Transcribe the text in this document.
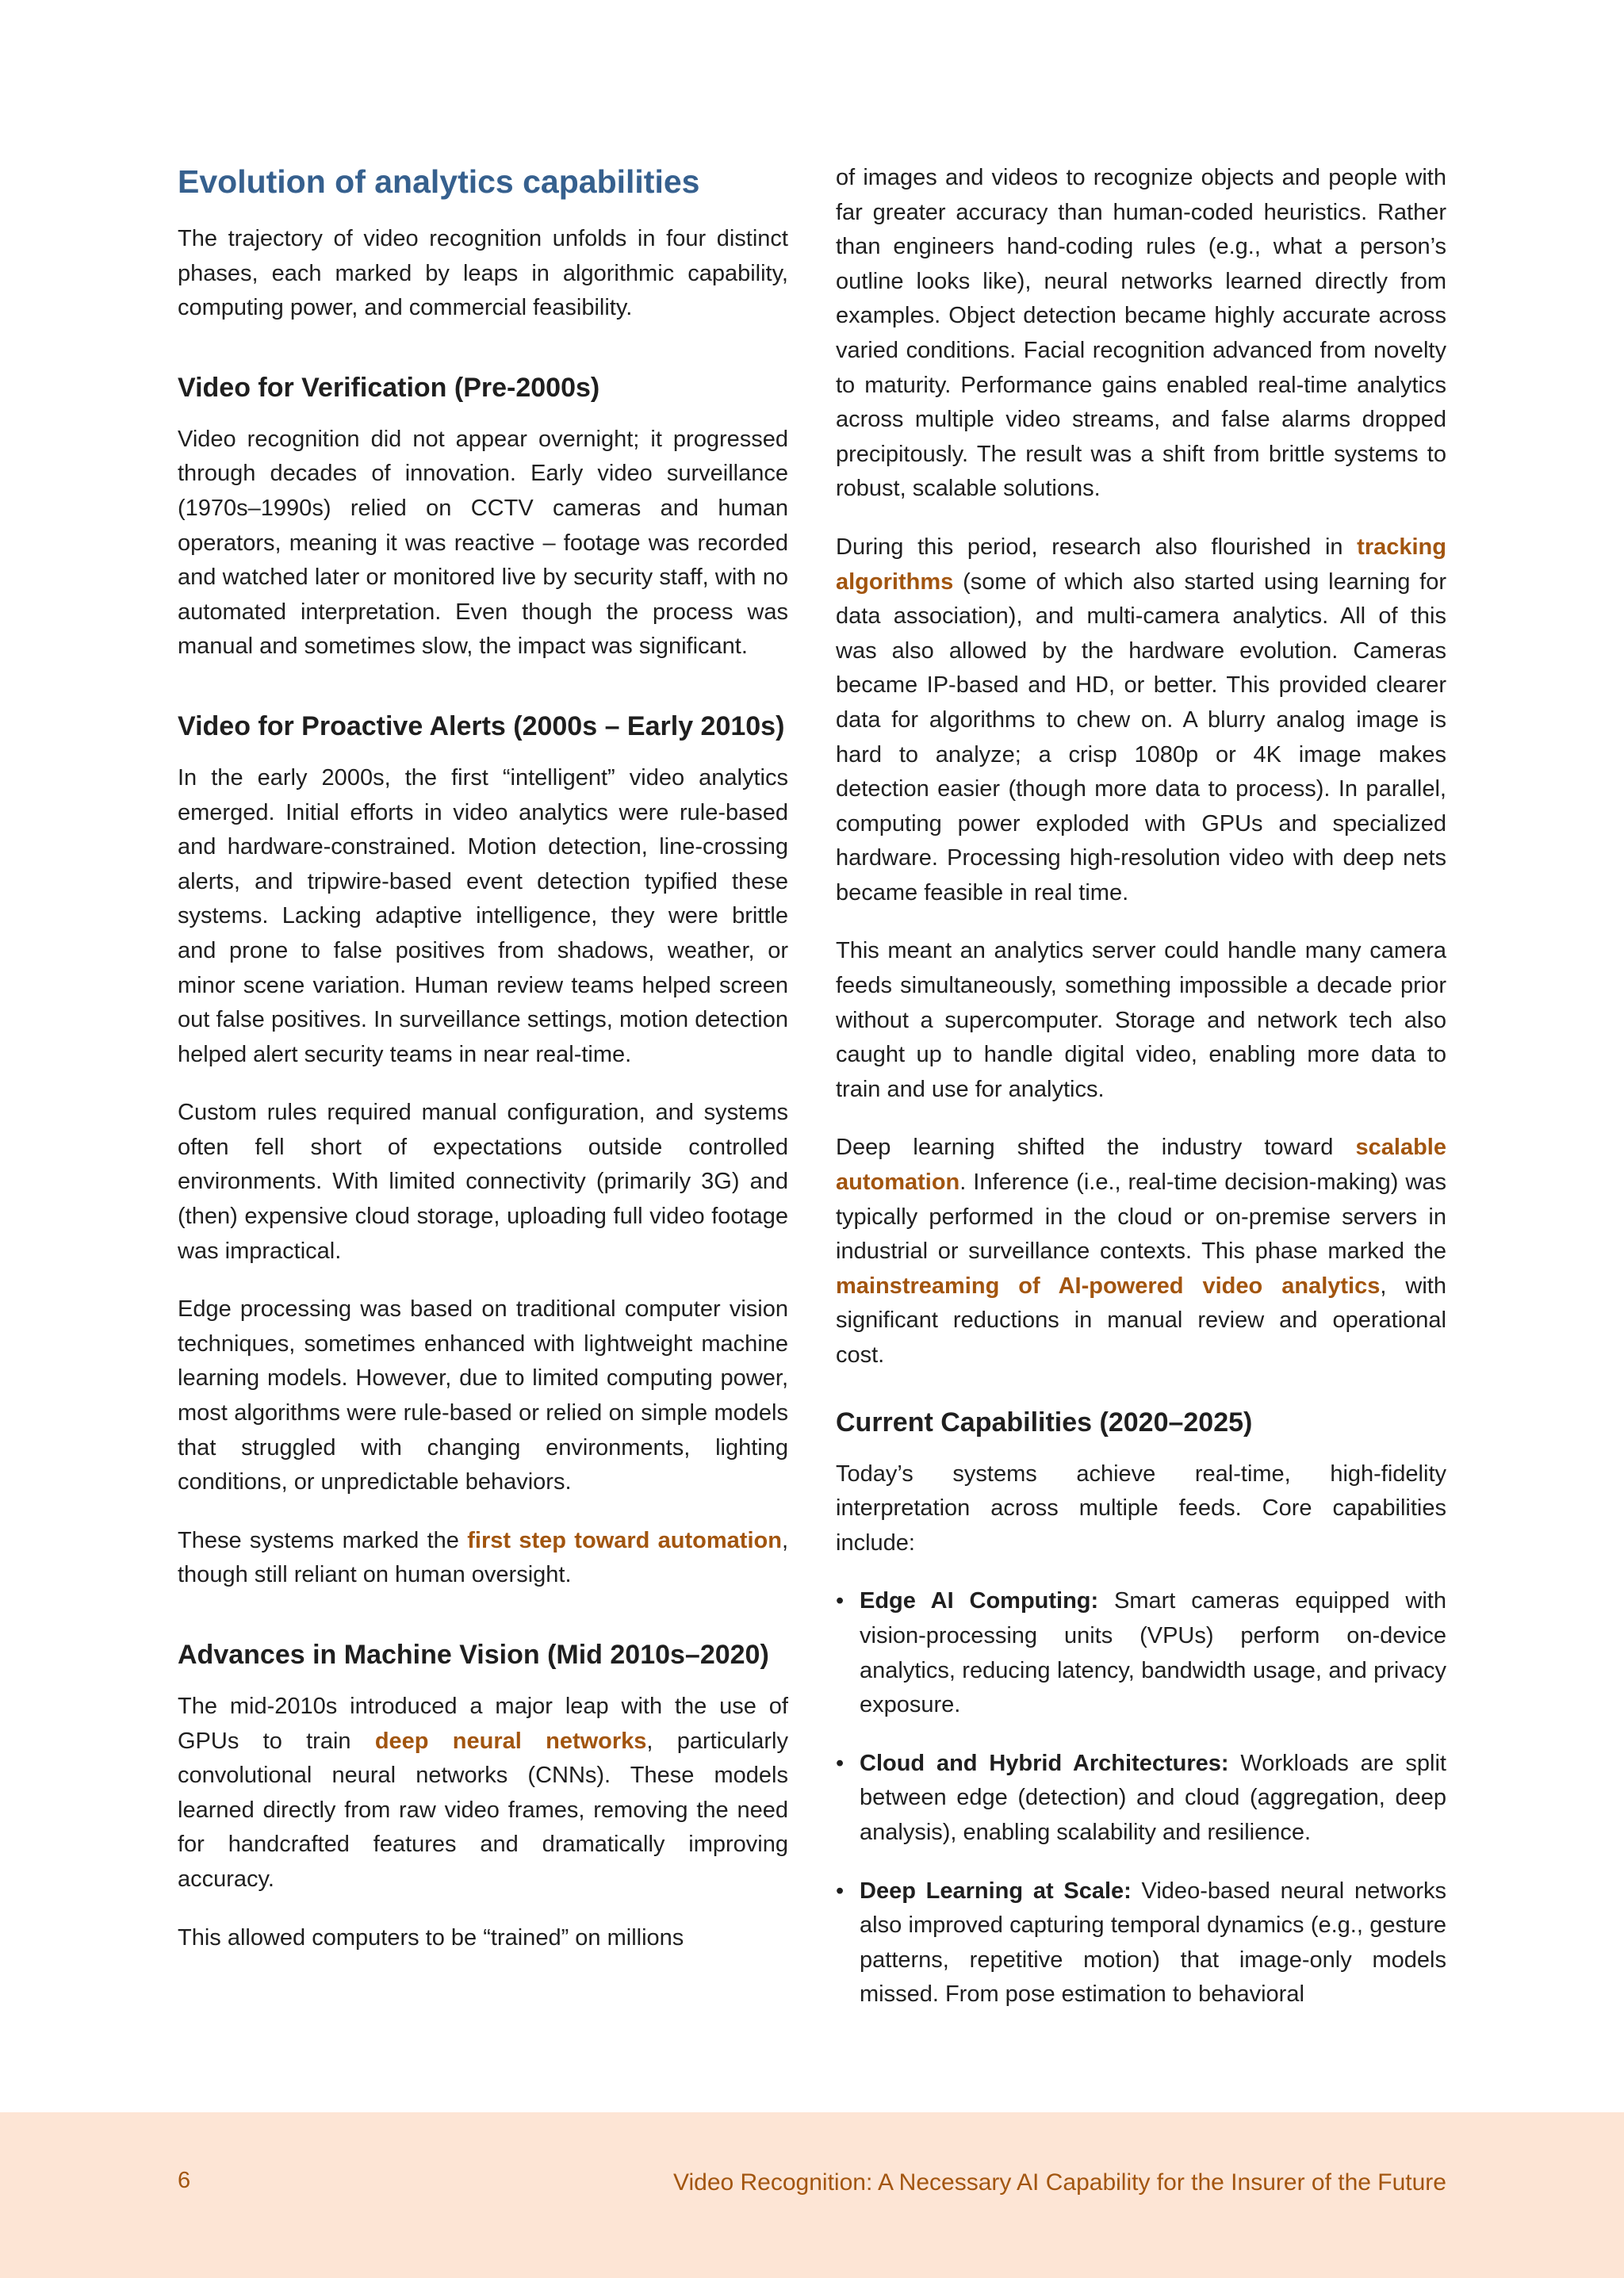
Evolution of analytics capabilities

The trajectory of video recognition unfolds in four distinct phases, each marked by leaps in algorithmic capability, computing power, and commercial feasibility.

Video for Verification (Pre-2000s)

Video recognition did not appear overnight; it progressed through decades of innovation. Early video surveillance (1970s–1990s) relied on CCTV cameras and human operators, meaning it was reactive – footage was recorded and watched later or monitored live by security staff, with no automated interpretation. Even though the process was manual and sometimes slow, the impact was significant.

Video for Proactive Alerts (2000s – Early 2010s)

In the early 2000s, the first “intelligent” video analytics emerged. Initial efforts in video analytics were rule-based and hardware-constrained. Motion detection, line-crossing alerts, and tripwire-based event detection typified these systems. Lacking adaptive intelligence, they were brittle and prone to false positives from shadows, weather, or minor scene variation. Human review teams helped screen out false positives. In surveillance settings, motion detection helped alert security teams in near real-time.

Custom rules required manual configuration, and systems often fell short of expectations outside controlled environments. With limited connectivity (primarily 3G) and (then) expensive cloud storage, uploading full video footage was impractical.

Edge processing was based on traditional computer vision techniques, sometimes enhanced with lightweight machine learning models. However, due to limited computing power, most algorithms were rule-based or relied on simple models that struggled with changing environments, lighting conditions, or unpredictable behaviors.

These systems marked the first step toward automation, though still reliant on human oversight.

Advances in Machine Vision (Mid 2010s–2020)

The mid-2010s introduced a major leap with the use of GPUs to train deep neural networks, particularly convolutional neural networks (CNNs). These models learned directly from raw video frames, removing the need for handcrafted features and dramatically improving accuracy.

This allowed computers to be “trained” on millions

of images and videos to recognize objects and people with far greater accuracy than human-coded heuristics. Rather than engineers hand-coding rules (e.g., what a person’s outline looks like), neural networks learned directly from examples. Object detection became highly accurate across varied conditions. Facial recognition advanced from novelty to maturity. Performance gains enabled real-time analytics across multiple video streams, and false alarms dropped precipitously. The result was a shift from brittle systems to robust, scalable solutions.

During this period, research also flourished in tracking algorithms (some of which also started using learning for data association), and multi-camera analytics. All of this was also allowed by the hardware evolution. Cameras became IP-based and HD, or better. This provided clearer data for algorithms to chew on. A blurry analog image is hard to analyze; a crisp 1080p or 4K image makes detection easier (though more data to process). In parallel, computing power exploded with GPUs and specialized hardware. Processing high-resolution video with deep nets became feasible in real time.

This meant an analytics server could handle many camera feeds simultaneously, something impossible a decade prior without a supercomputer. Storage and network tech also caught up to handle digital video, enabling more data to train and use for analytics.

Deep learning shifted the industry toward scalable automation. Inference (i.e., real-time decision-making) was typically performed in the cloud or on-premise servers in industrial or surveillance contexts. This phase marked the mainstreaming of AI-powered video analytics, with significant reductions in manual review and operational cost.

Current Capabilities (2020–2025)

Today’s systems achieve real-time, high-fidelity interpretation across multiple feeds. Core capabilities include:

• Edge AI Computing: Smart cameras equipped with vision-processing units (VPUs) perform on-device analytics, reducing latency, bandwidth usage, and privacy exposure.
• Cloud and Hybrid Architectures: Workloads are split between edge (detection) and cloud (aggregation, deep analysis), enabling scalability and resilience.
• Deep Learning at Scale: Video-based neural networks also improved capturing temporal dynamics (e.g., gesture patterns, repetitive motion) that image-only models missed. From pose estimation to behavioral
6	Video Recognition: A Necessary AI Capability for the Insurer of the Future
